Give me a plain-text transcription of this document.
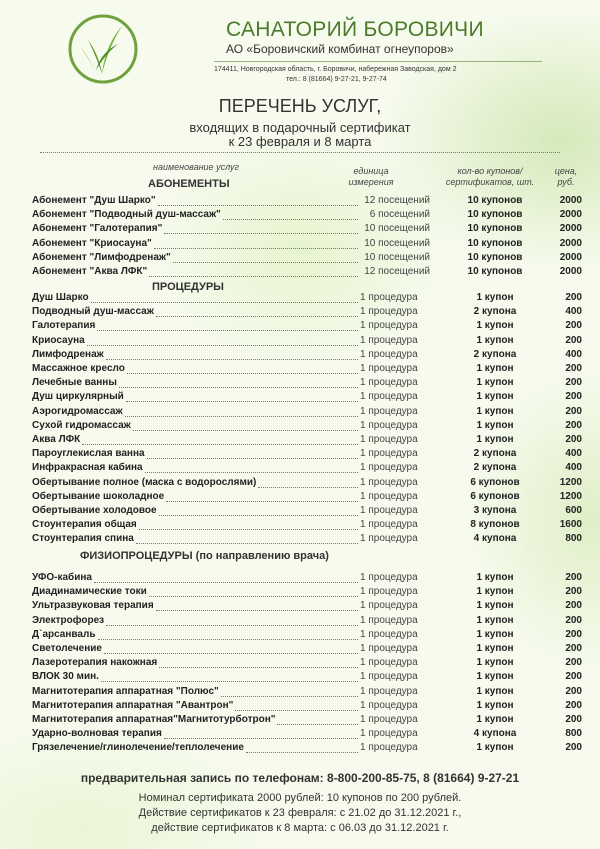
САНАТОРИЙ БОРОВИЧИ
АО «Боровичский комбинат огнеупоров»
174411, Новгородская область, г. Боровичи, набережная Заводская, дом 2
тел.: 8 (81664) 9-27-21, 9-27-74
ПЕРЕЧЕНЬ УСЛУГ,
входящих в подарочный сертификат
к 23 февраля и 8 марта
наименование услуг	единица измерения
кол-во купонов/ сертификатов, шт.
цена, руб.
АБОНЕМЕНТЫ
Абонемент "Душ Шарко"	12 посещений	10 купонов	2000
Абонемент "Подводный душ-массаж"	6 посещений	10 купонов	2000
Абонемент "Галотерапия"	10 посещений	10 купонов	2000
Абонемент "Криосауна"	10 посещений	10 купонов	2000
Абонемент "Лимфодренаж"	10 посещений	10 купонов	2000
Абонемент "Аква ЛФК"	12 посещений	10 купонов	2000
ПРОЦЕДУРЫ
Душ Шарко	1 процедура	1 купон	200
Подводный душ-массаж	1 процедура	2 купона	400
Галотерапия	1 процедура	1 купон	200
Криосауна	1 процедура	1 купон	200
Лимфодренаж	1 процедура	2 купона	400
Массажное кресло	1 процедура	1 купон	200
Лечебные ванны	1 процедура	1 купон	200
Душ циркулярный	1 процедура	1 купон	200
Аэрогидромассаж	1 процедура	1 купон	200
Сухой гидромассаж	1 процедура	1 купон	200
Аква ЛФК	1 процедура	1 купон	200
Пароуглекислая ванна	1 процедура	2 купона	400
Инфракрасная кабина	1 процедура	2 купона	400
Обертывание полное (маска с водорослями)	1 процедура	6 купонов	1200
Обертывание шоколадное	1 процедура	6 купонов	1200
Обертывание холодовое	1 процедура	3 купона	600
Стоунтерапия общая	1 процедура	8 купонов	1600
Стоунтерапия спина	1 процедура	4 купона	800
ФИЗИОПРОЦЕДУРЫ (по направлению врача)
УФО-кабина	1 процедура	1 купон	200
Диадинамические токи	1 процедура	1 купон	200
Ультразвуковая терапия	1 процедура	1 купон	200
Электрофорез	1 процедура	1 купон	200
Д`арсанваль	1 процедура	1 купон	200
Светолечение	1 процедура	1 купон	200
Лазеротерапия накожная	1 процедура	1 купон	200
ВЛОК 30 мин.	1 процедура	1 купон	200
Магнитотерапия аппаратная "Полюс"	1 процедура	1 купон	200
Магнитотерапия аппаратная "Авантрон"	1 процедура	1 купон	200
Магнитотерапия аппаратная"Магнитотурботрон"	1 процедура	1 купон	200
Ударно-волновая терапия	1 процедура	4 купона	800
Грязелечение/глинолечение/теплолечение	1 процедура	1 купон	200
предварительная запись по телефонам: 8-800-200-85-75, 8 (81664) 9-27-21
Номинал сертификата 2000 рублей: 10 купонов по 200 рублей.
Действие сертификатов к 23 февраля: с 21.02 до 31.12.2021 г.,
действие сертификатов к 8 марта: с 06.03 до 31.12.2021 г.
